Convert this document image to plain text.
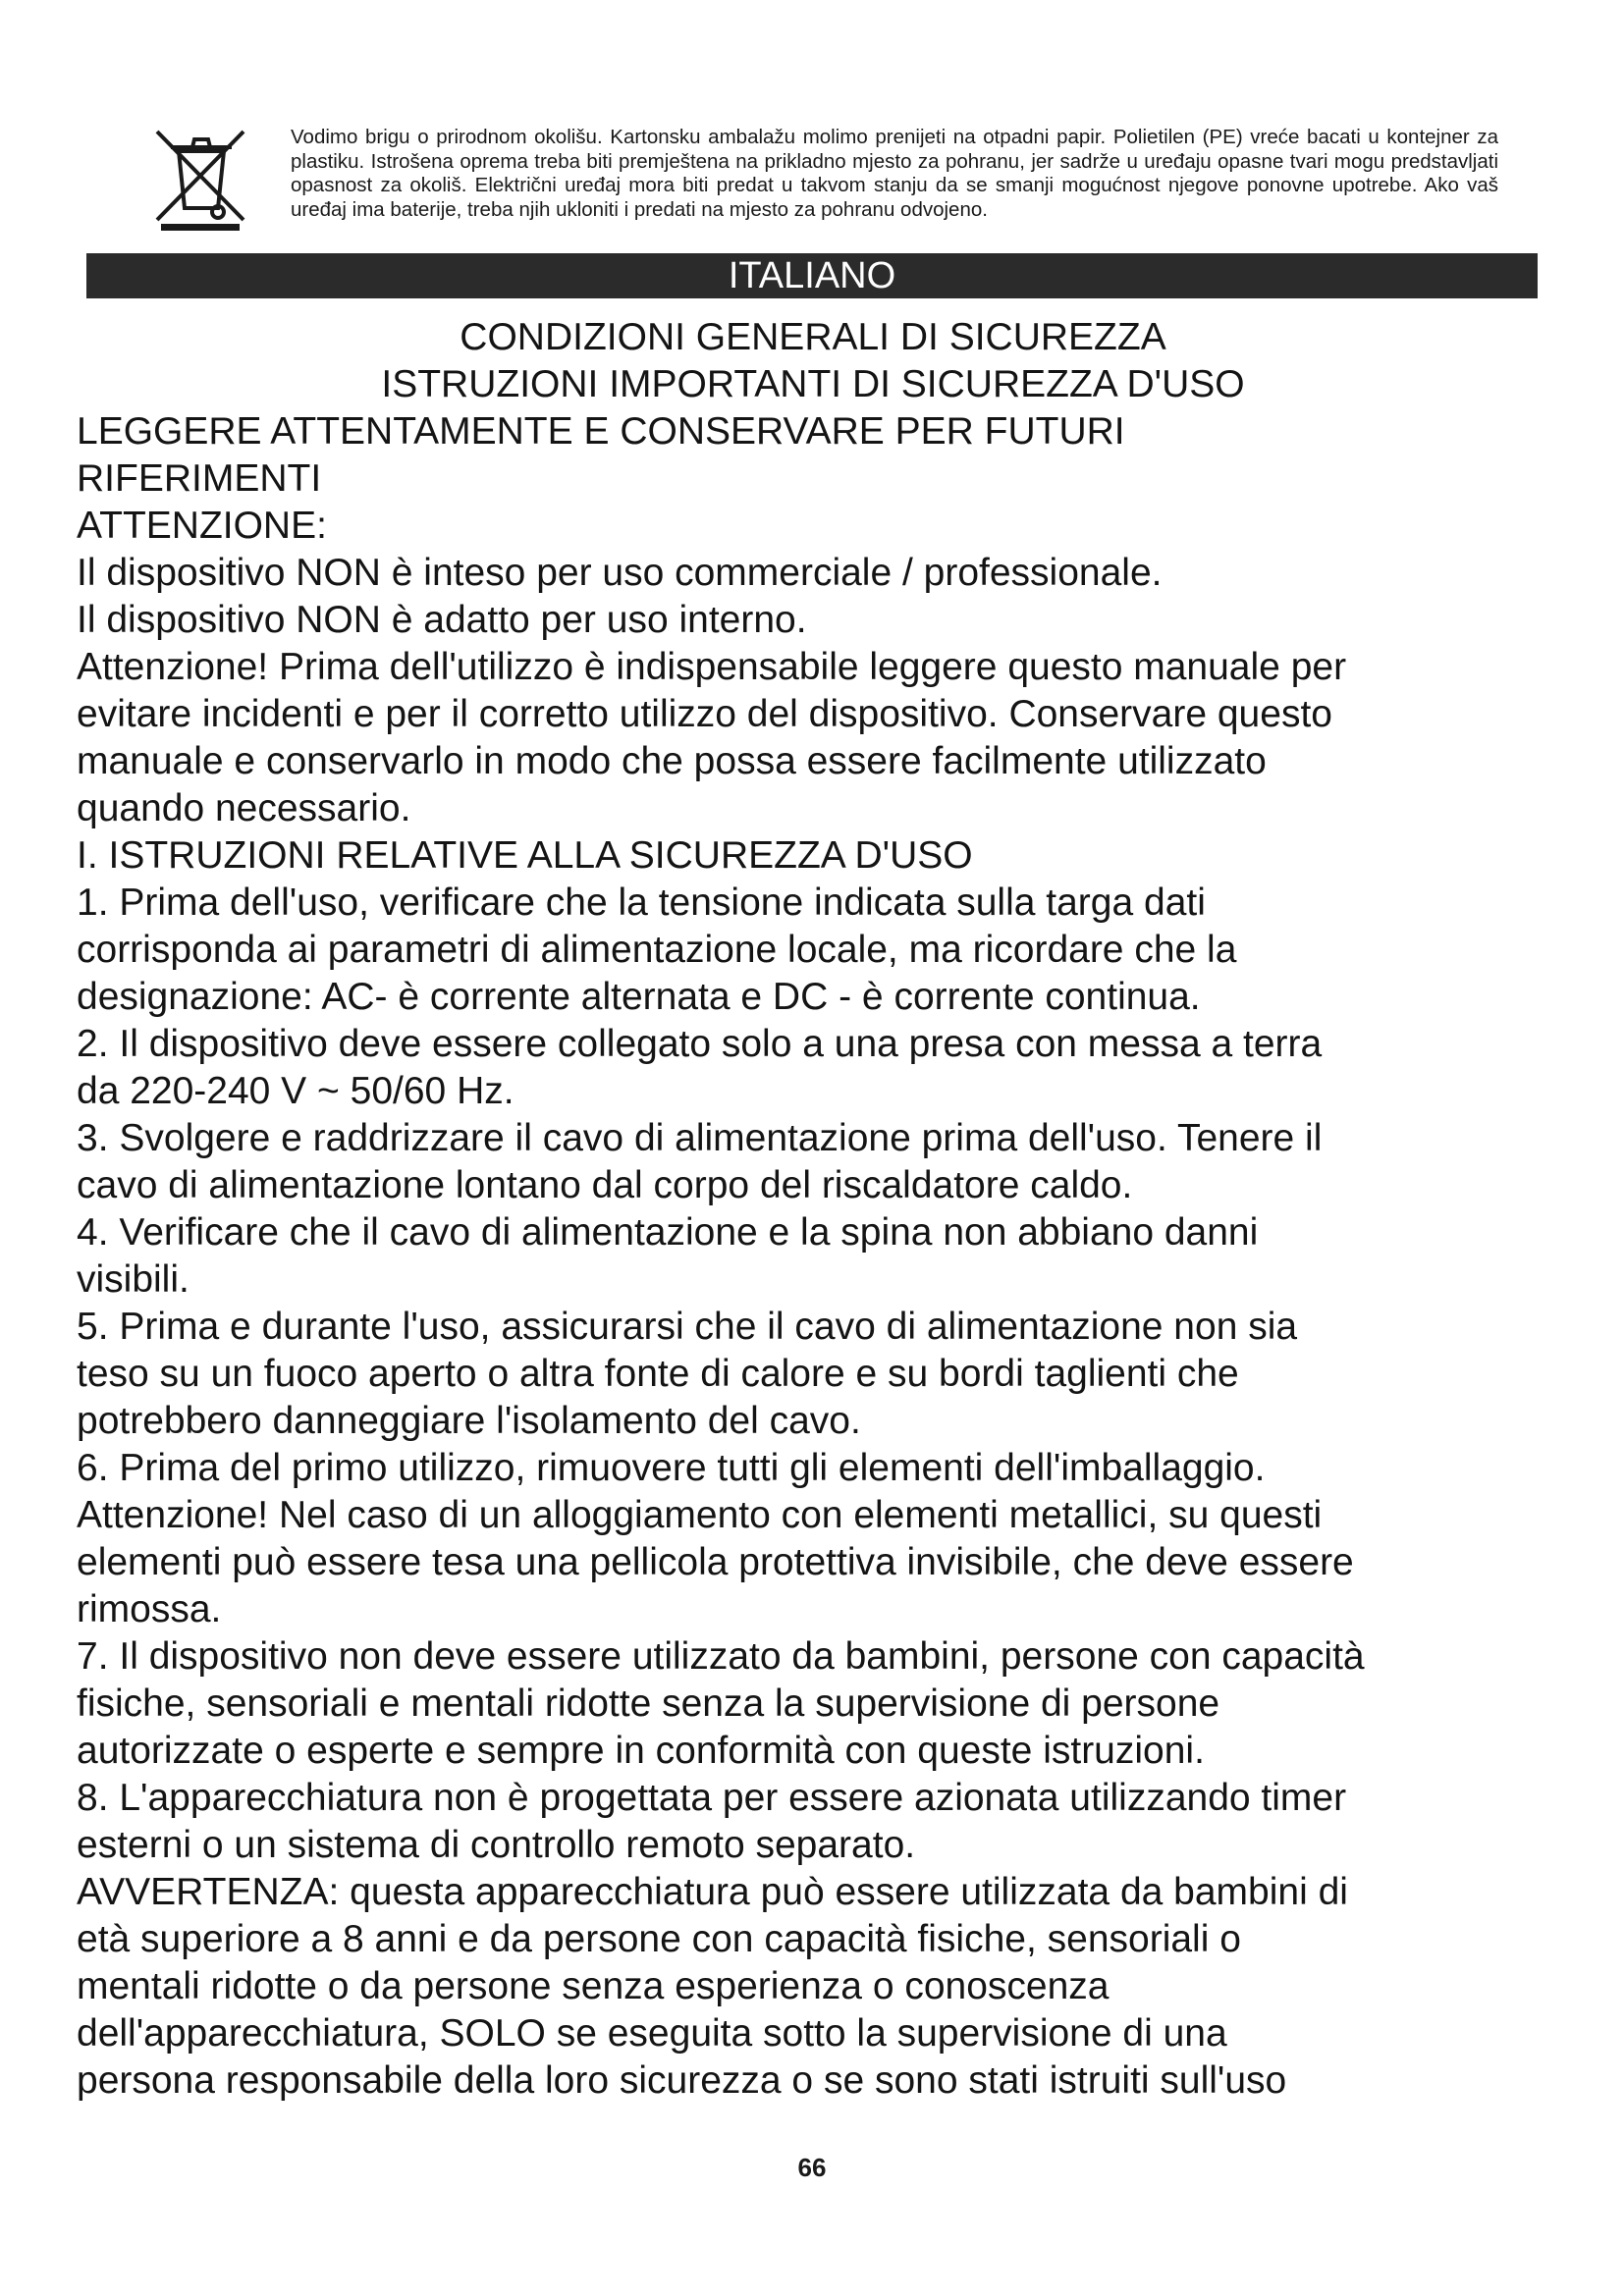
Vodimo brigu o prirodnom okolišu. Kartonsku ambalažu molimo prenijeti na otpadni papir. Polietilen (PE) vreće bacati u kontejner za plastiku. Istrošena oprema treba biti premještena na prikladno mjesto za pohranu, jer sadrže u uređaju opasne tvari mogu predstavljati opasnost za okoliš. Električni uređaj mora biti predat u takvom stanju da se smanji mogućnost njegove ponovne upotrebe. Ako vaš uređaj ima baterije, treba njih ukloniti i predati na mjesto za pohranu odvojeno.

ITALIANO

CONDIZIONI GENERALI DI SICUREZZA

ISTRUZIONI IMPORTANTI DI SICUREZZA D'USO

LEGGERE ATTENTAMENTE E CONSERVARE PER FUTURI

RIFERIMENTI

ATTENZIONE:

Il dispositivo NON è inteso per uso commerciale / professionale.

Il dispositivo NON è adatto per uso interno.

Attenzione! Prima dell'utilizzo è indispensabile leggere questo manuale per

evitare incidenti e per il corretto utilizzo del dispositivo. Conservare questo

manuale e conservarlo in modo che possa essere facilmente utilizzato

quando necessario.

I. ISTRUZIONI RELATIVE ALLA SICUREZZA D'USO

1. Prima dell'uso, verificare che la tensione indicata sulla targa dati

corrisponda ai parametri di alimentazione locale, ma ricordare che la

designazione: AC- è corrente alternata e DC - è corrente continua.

2. Il dispositivo deve essere collegato solo a una presa con messa a terra

da 220-240 V ~ 50/60 Hz.

3. Svolgere e raddrizzare il cavo di alimentazione prima dell'uso. Tenere il

cavo di alimentazione lontano dal corpo del riscaldatore caldo.

4. Verificare che il cavo di alimentazione e la spina non abbiano danni

visibili.

5. Prima e durante l'uso, assicurarsi che il cavo di alimentazione non sia

teso su un fuoco aperto o altra fonte di calore e su bordi taglienti che

potrebbero danneggiare l'isolamento del cavo.

6. Prima del primo utilizzo, rimuovere tutti gli elementi dell'imballaggio.

Attenzione! Nel caso di un alloggiamento con elementi metallici, su questi

elementi può essere tesa una pellicola protettiva invisibile, che deve essere

rimossa.

7. Il dispositivo non deve essere utilizzato da bambini, persone con capacità

fisiche, sensoriali e mentali ridotte senza la supervisione di persone

autorizzate o esperte e sempre in conformità con queste istruzioni.

8. L'apparecchiatura non è progettata per essere azionata utilizzando timer

esterni o un sistema di controllo remoto separato.

AVVERTENZA: questa apparecchiatura può essere utilizzata da bambini di

età superiore a 8 anni e da persone con capacità fisiche, sensoriali o

mentali ridotte o da persone senza esperienza o conoscenza

dell'apparecchiatura, SOLO se eseguita sotto la supervisione di una

persona responsabile della loro sicurezza o se sono stati istruiti sull'uso

66
